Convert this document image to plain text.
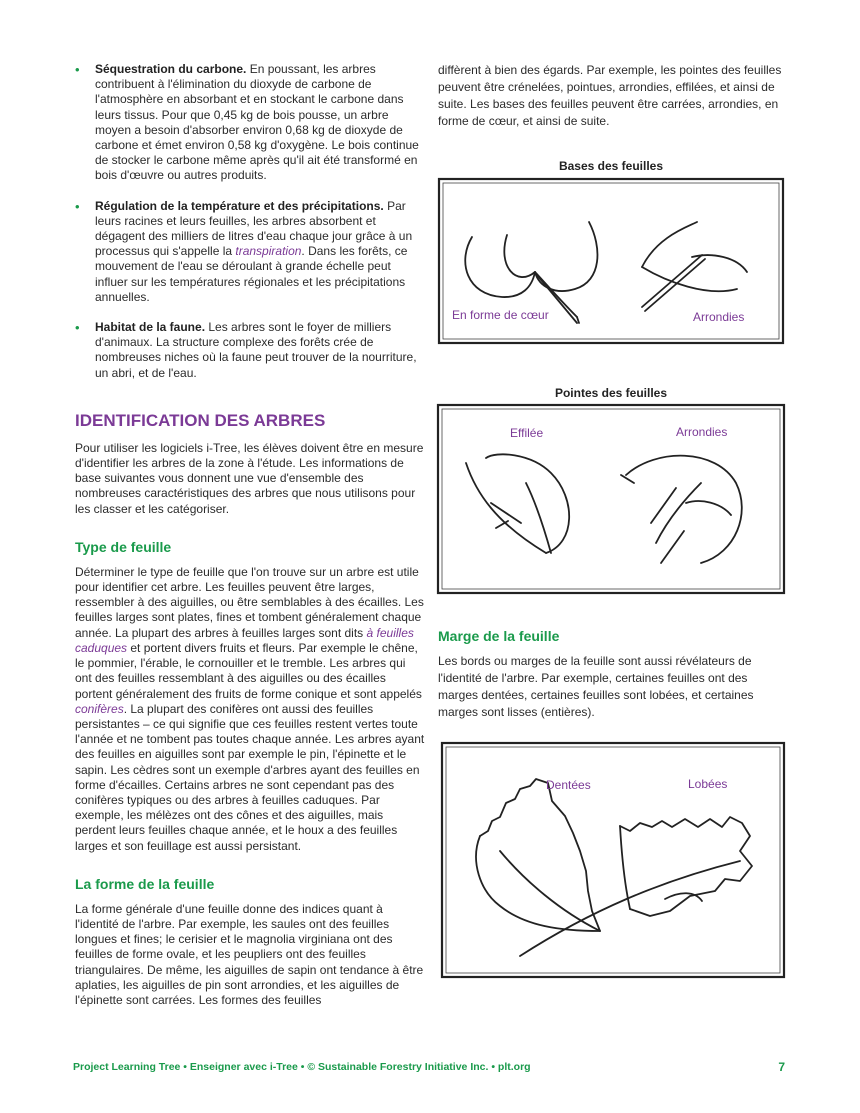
• Séquestration du carbone. En poussant, les arbres contribuent à l'élimination du dioxyde de carbone de l'atmosphère en absorbant et en stockant le carbone dans leurs tissus. Pour que 0,45 kg de bois pousse, un arbre moyen a besoin d'absorber environ 0,68 kg de dioxyde de carbone et émet environ 0,58 kg d'oxygène. Le bois continue de stocker le carbone même après qu'il ait été transformé en bois d'œuvre ou autres produits.
• Régulation de la température et des précipitations. Par leurs racines et leurs feuilles, les arbres absorbent et dégagent des milliers de litres d'eau chaque jour grâce à un processus qui s'appelle la transpiration. Dans les forêts, ce mouvement de l'eau se déroulant à grande échelle peut influer sur les températures régionales et les précipitations annuelles.
• Habitat de la faune. Les arbres sont le foyer de milliers d'animaux. La structure complexe des forêts crée de nombreuses niches où la faune peut trouver de la nourriture, un abri, et de l'eau.
IDENTIFICATION DES ARBRES

Pour utiliser les logiciels i-Tree, les élèves doivent être en mesure d'identifier les arbres de la zone à l'étude. Les informations de base suivantes vous donnent une vue d'ensemble des nombreuses caractéristiques des arbres que nous utilisons pour les classer et les catégoriser.

Type de feuille

Déterminer le type de feuille que l'on trouve sur un arbre est utile pour identifier cet arbre. Les feuilles peuvent être larges, ressembler à des aiguilles, ou être semblables à des écailles. Les feuilles larges sont plates, fines et tombent généralement chaque année. La plupart des arbres à feuilles larges sont dits à feuilles caduques et portent divers fruits et fleurs. Par exemple le chêne, le pommier, l'érable, le cornouiller et le tremble. Les arbres qui ont des feuilles ressemblant à des aiguilles ou des écailles portent généralement des fruits de forme conique et sont appelés conifères. La plupart des conifères ont aussi des feuilles persistantes – ce qui signifie que ces feuilles restent vertes toute l'année et ne tombent pas toutes chaque année. Les arbres ayant des feuilles en aiguilles sont par exemple le pin, l'épinette et le sapin. Les cèdres sont un exemple d'arbres ayant des feuilles en forme d'écailles. Certains arbres ne sont cependant pas des conifères typiques ou des arbres à feuilles caduques. Par exemple, les mélèzes ont des cônes et des aiguilles, mais perdent leurs feuilles chaque année, et le houx a des feuilles larges et son feuillage est aussi persistant.

La forme de la feuille

La forme générale d'une feuille donne des indices quant à l'identité de l'arbre. Par exemple, les saules ont des feuilles longues et fines; le cerisier et le magnolia virginiana ont des feuilles de forme ovale, et les peupliers ont des feuilles triangulaires. De même, les aiguilles de sapin ont tendance à être aplaties, les aiguilles de pin sont arrondies, et les aiguilles de l'épinette sont carrées. Les formes des feuilles

diffèrent à bien des égards. Par exemple, les pointes des feuilles peuvent être crénelées, pointues, arrondies, effilées, et ainsi de suite. Les bases des feuilles peuvent être carrées, arrondies, en forme de cœur, et ainsi de suite.

Bases des feuilles
En forme de cœur	Arrondies
Pointes des feuilles
Effilée	Arrondies
Marge de la feuille

Les bords ou marges de la feuille sont aussi révélateurs de l'identité de l'arbre. Par exemple, certaines feuilles ont des marges dentées, certaines feuilles sont lobées, et certaines marges sont lisses (entières).

Dentées	Lobées
Project Learning Tree • Enseigner avec i-Tree • © Sustainable Forestry Initiative Inc. • plt.org	7
